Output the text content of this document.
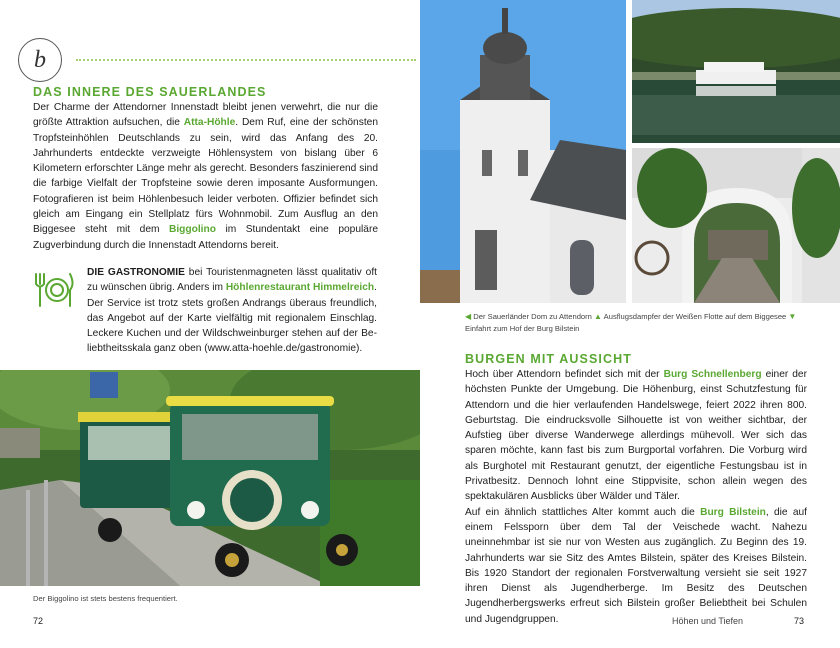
b
DAS INNERE DES SAUERLANDES
Der Charme der Attendorner Innenstadt bleibt jenen verwehrt, die nur die größte Attraktion aufsuchen, die Atta-Höhle. Dem Ruf, eine der schönsten Tropfsteinhöhlen Deutschlands zu sein, wird das Anfang des 20. Jahrhunderts entdeckte verzweigte Höhlensystem von bislang über 6 Kilometern erforschter Länge mehr als gerecht. Besonders faszinierend sind die farbige Vielfalt der Tropfsteine sowie deren imposante Ausformungen. Fotografieren ist beim Höhlenbesuch leider verboten. Offizier befindet sich gleich am Eingang ein Stellplatz fürs Wohnmobil. Zum Ausflug an den Biggesee steht mit dem Biggolino im Stundentakt eine populäre Zugverbindung durch die Innenstadt Attendorns bereit.
DIE GASTRONOMIE bei Touristenmagneten lässt qualitativ oft zu wünschen übrig. Anders im Höhlenrestaurant Himmelreich. Der Service ist trotz stets großen Andrangs überaus freundlich, das Angebot auf der Karte vielfältig mit regionalem Einschlag. Leckere Kuchen und der Wildschweinburger stehen auf der Beliebtheitsskala ganz oben (www.atta-hoehle.de/gastronomie).
Der Biggolino ist stets bestens frequentiert.
72
◀ Der Sauerländer Dom zu Attendorn ▲ Ausflugsdampfer der Weißen Flotte auf dem Biggesee ▼ Einfahrt zum Hof der Burg Bilstein
BURGEN MIT AUSSICHT
Hoch über Attendorn befindet sich mit der Burg Schnellenberg einer der höchsten Punkte der Umgebung. Die Höhenburg, einst Schutzfestung für Attendorn und die hier verlaufenden Handelswege, feiert 2022 ihren 800. Geburtstag. Die eindrucksvolle Silhouette ist von weither sichtbar, der Aufstieg über diverse Wanderwege allerdings mühevoll. Wer sich das sparen möchte, kann fast bis zum Burgportal vorfahren. Die Vorburg wird als Burghotel mit Restaurant genutzt, der eigentliche Festungsbau ist in Privatbesitz. Dennoch lohnt eine Stippvisite, schon allein wegen des spektakulären Ausblicks über Wälder und Täler.
Auf ein ähnlich stattliches Alter kommt auch die Burg Bilstein, die auf einem Felssporn über dem Tal der Veischede wacht. Nahezu uneinnehmbar ist sie nur von Westen aus zugänglich. Zu Beginn des 19. Jahrhunderts war sie Sitz des Amtes Bilstein, später des Kreises Bilstein. Bis 1920 Standort der regionalen Forstverwaltung versieht sie seit 1927 ihren Dienst als Jugendherberge. Im Besitz des Deutschen Jugendherbergswerks erfreut sich Bilstein großer Beliebtheit bei Schulen und Jugendgruppen.	Höhen und Tiefen	73
